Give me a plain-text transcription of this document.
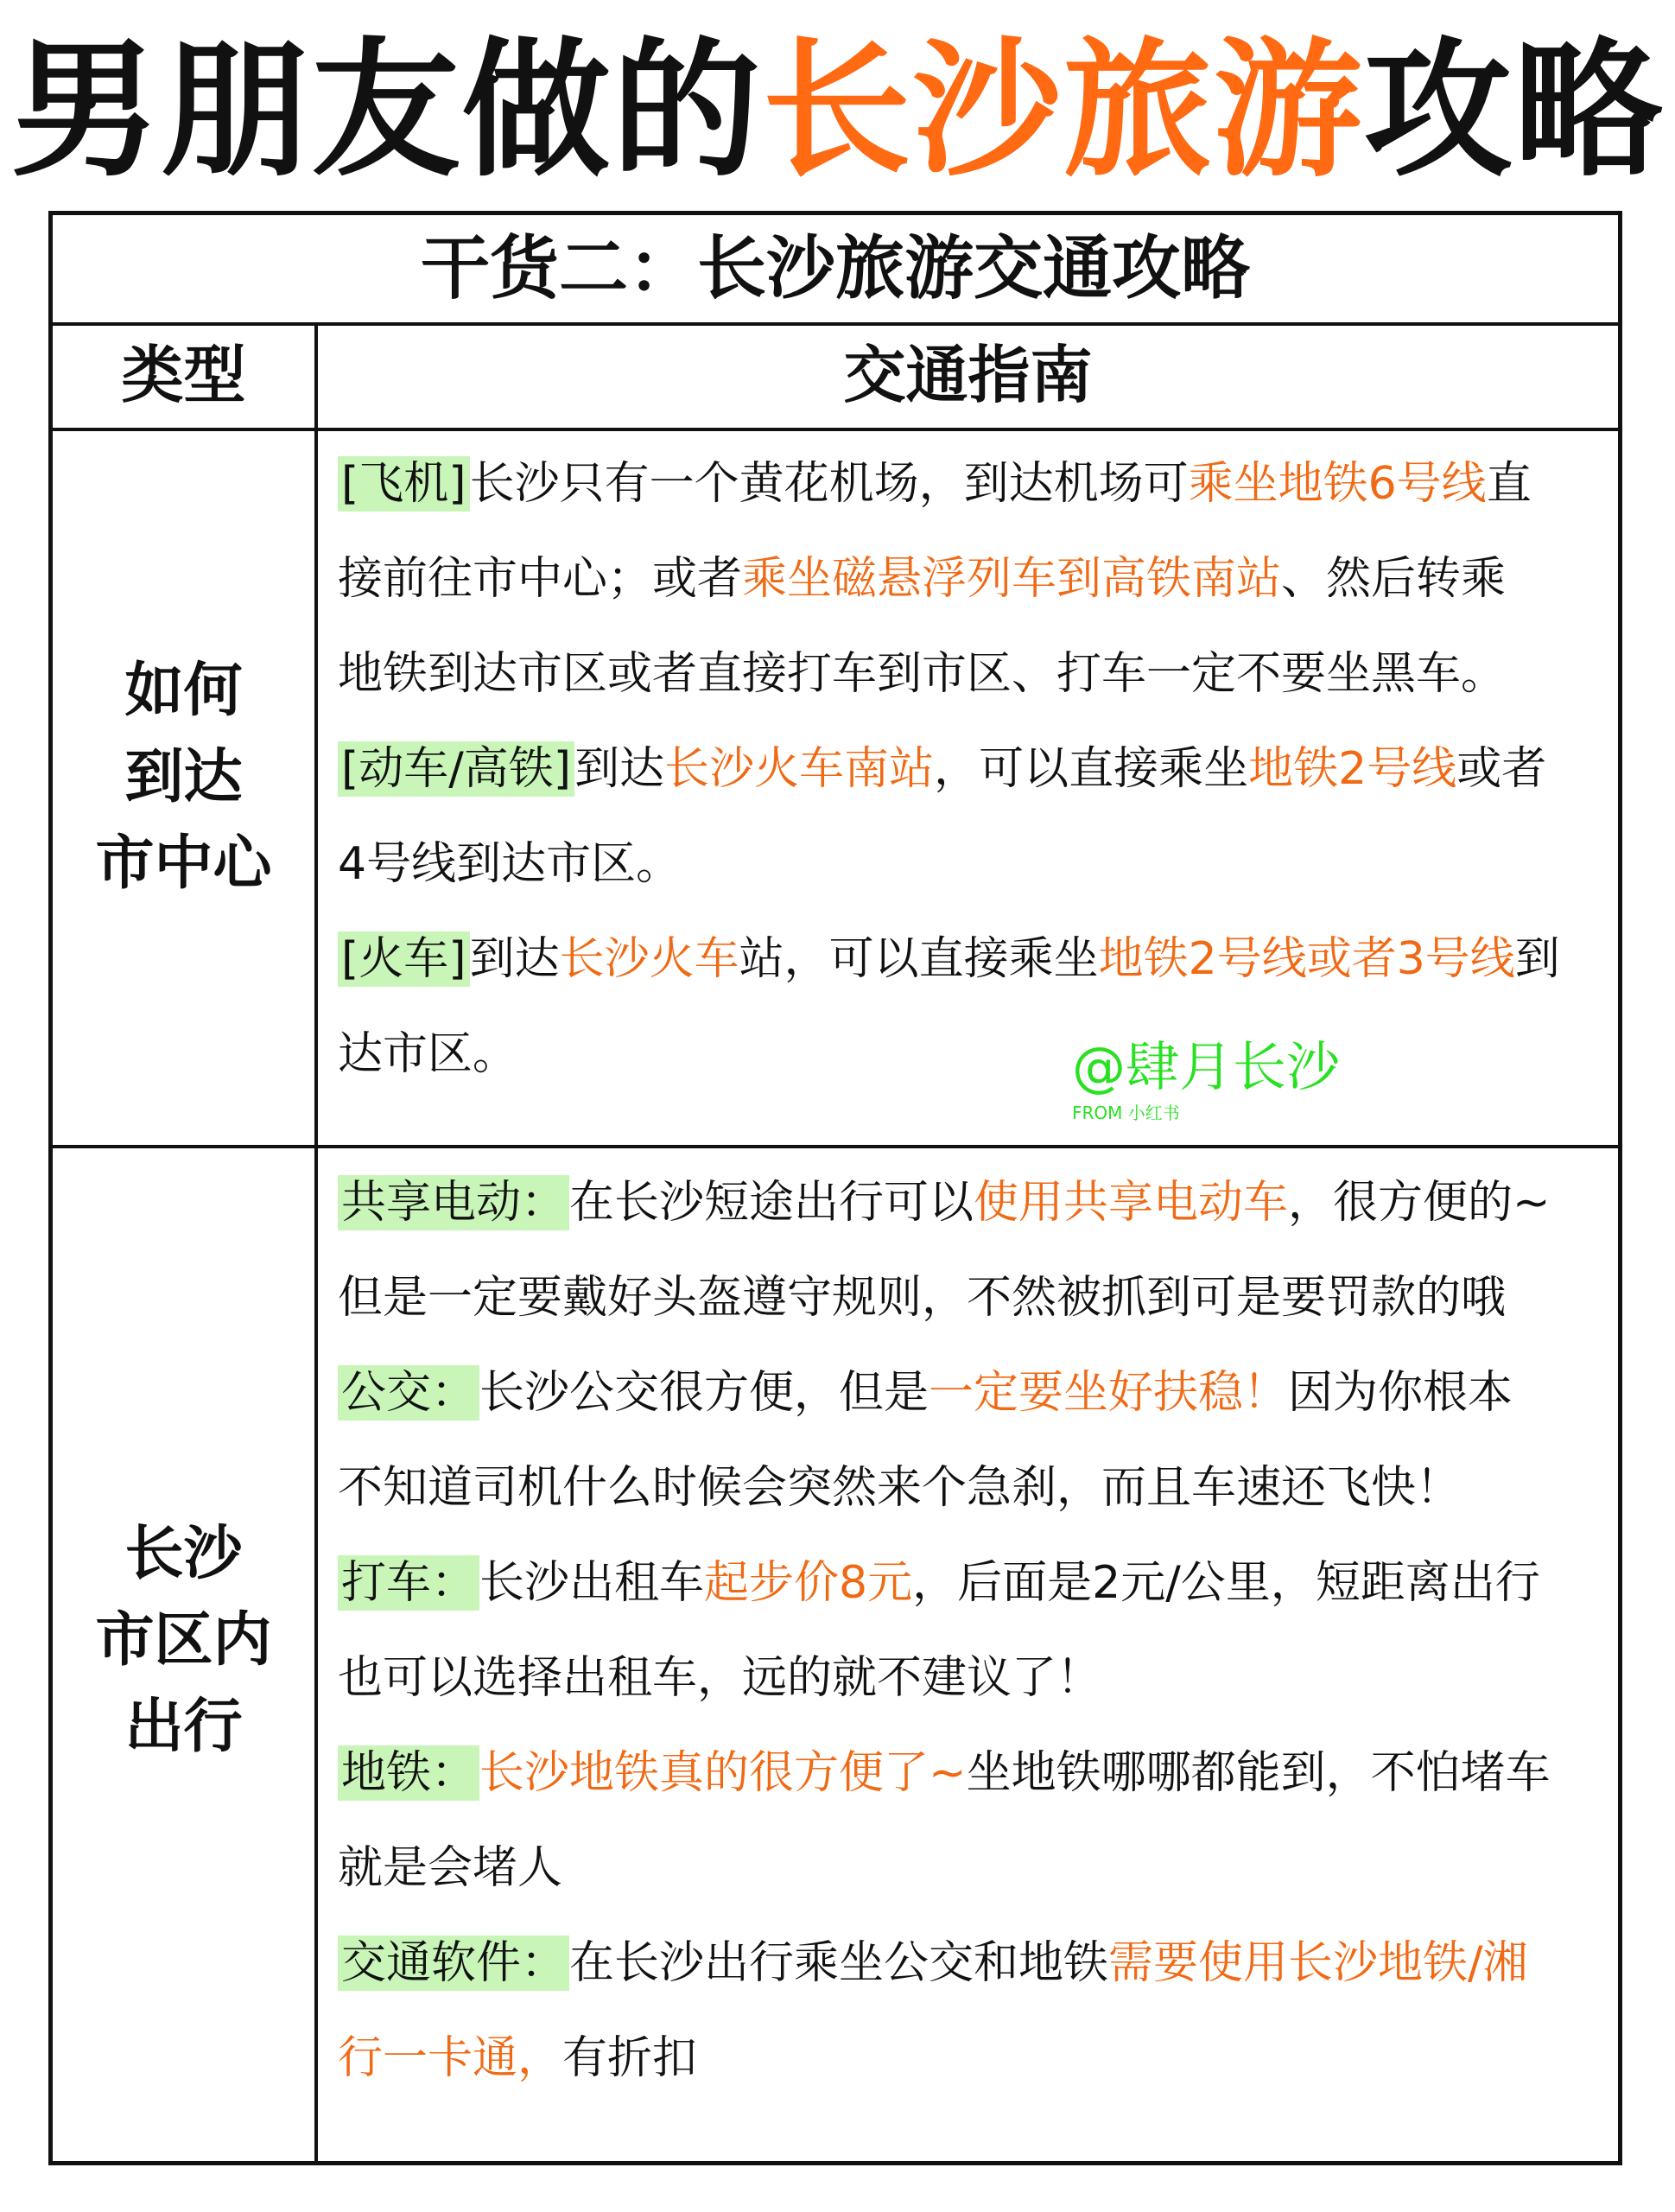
男朋友做的长沙旅游攻略
干货二：长沙旅游交通攻略
类型	交通指南
如何
到达
市中心
[飞机]长沙只有一个黄花机场，到达机场可乘坐地铁6号线直
接前往市中心；或者乘坐磁悬浮列车到高铁南站、然后转乘
地铁到达市区或者直接打车到市区、打车一定不要坐黑车。
[动车/高铁]到达长沙火车南站，可以直接乘坐地铁2号线或者
4号线到达市区。
[火车]到达长沙火车站，可以直接乘坐地铁2号线或者3号线到
达市区。	@肆月长沙
FROM 小红书
长沙
市区内
出行
共享电动：在长沙短途出行可以使用共享电动车，很方便的~
但是一定要戴好头盔遵守规则，不然被抓到可是要罚款的哦
公交：长沙公交很方便，但是一定要坐好扶稳！因为你根本
不知道司机什么时候会突然来个急刹，而且车速还飞快！
打车：长沙出租车起步价8元，后面是2元/公里，短距离出行
也可以选择出租车，远的就不建议了！
地铁：长沙地铁真的很方便了~坐地铁哪哪都能到，不怕堵车
就是会堵人
交通软件：在长沙出行乘坐公交和地铁需要使用长沙地铁/湘
行一卡通，有折扣
